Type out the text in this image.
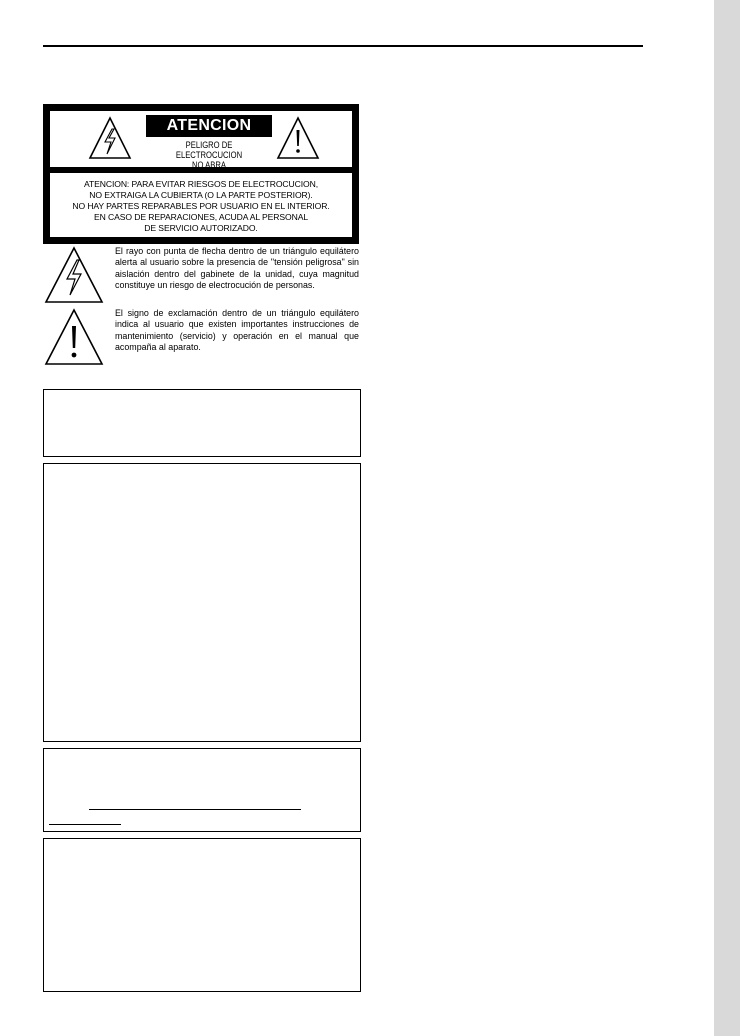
ATENCION
PELIGRO DE ELECTROCUCION
NO ABRA
ATENCION: PARA EVITAR RIESGOS DE ELECTROCUCION,
NO EXTRAIGA LA CUBIERTA (O LA PARTE POSTERIOR).
NO HAY PARTES REPARABLES POR USUARIO EN EL INTERIOR.
EN CASO DE REPARACIONES, ACUDA AL PERSONAL
DE SERVICIO AUTORIZADO.
El rayo con punta de flecha dentro de un triángulo equilátero alerta al usuario sobre la presencia de "tensión peligrosa" sin aislación dentro del gabinete de la unidad, cuya magnitud constituye un riesgo de electrocución de personas.
El signo de exclamación dentro de un triángulo equilátero indica al usuario que existen importantes instrucciones de mantenimiento (servicio) y operación en el manual que acompaña al aparato.
